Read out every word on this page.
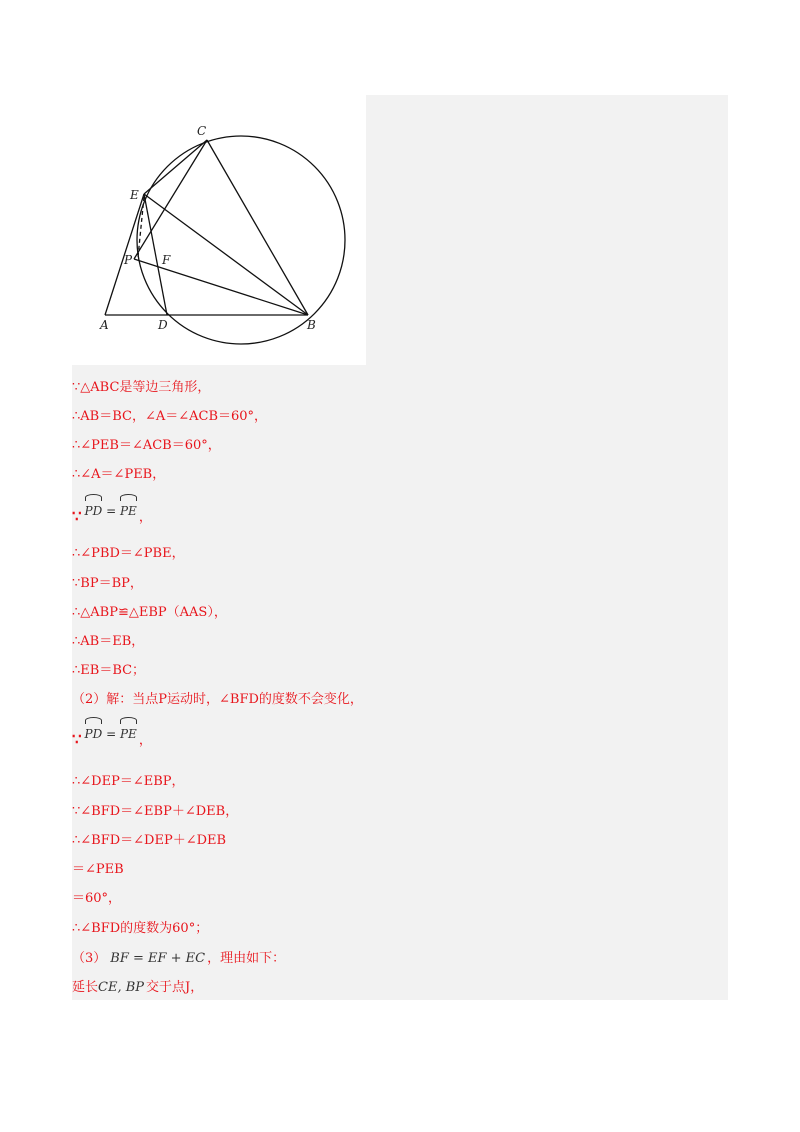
C
E
P F
A	D	B
∵△ABC是等边三角形，
∴AB＝BC，∠A＝∠ACB＝60°，
∴∠PEB＝∠ACB＝60°，
∴∠A＝∠PEB，
∵ PD = PE ，
∴∠PBD＝∠PBE，
∵BP＝BP，
∴△ABP≌△EBP（AAS），
∴AB＝EB，
∴EB＝BC；
（2）解：当点P运动时，∠BFD的度数不会变化，
∵ PD = PE ，
∴∠DEP＝∠EBP，
∵∠BFD＝∠EBP＋∠DEB，
∴∠BFD＝∠DEP＋∠DEB
＝∠PEB
＝60°，
∴∠BFD的度数为60°；
（3） BF = EF + EC ，理由如下：
延长CE, BP 交于点J，
